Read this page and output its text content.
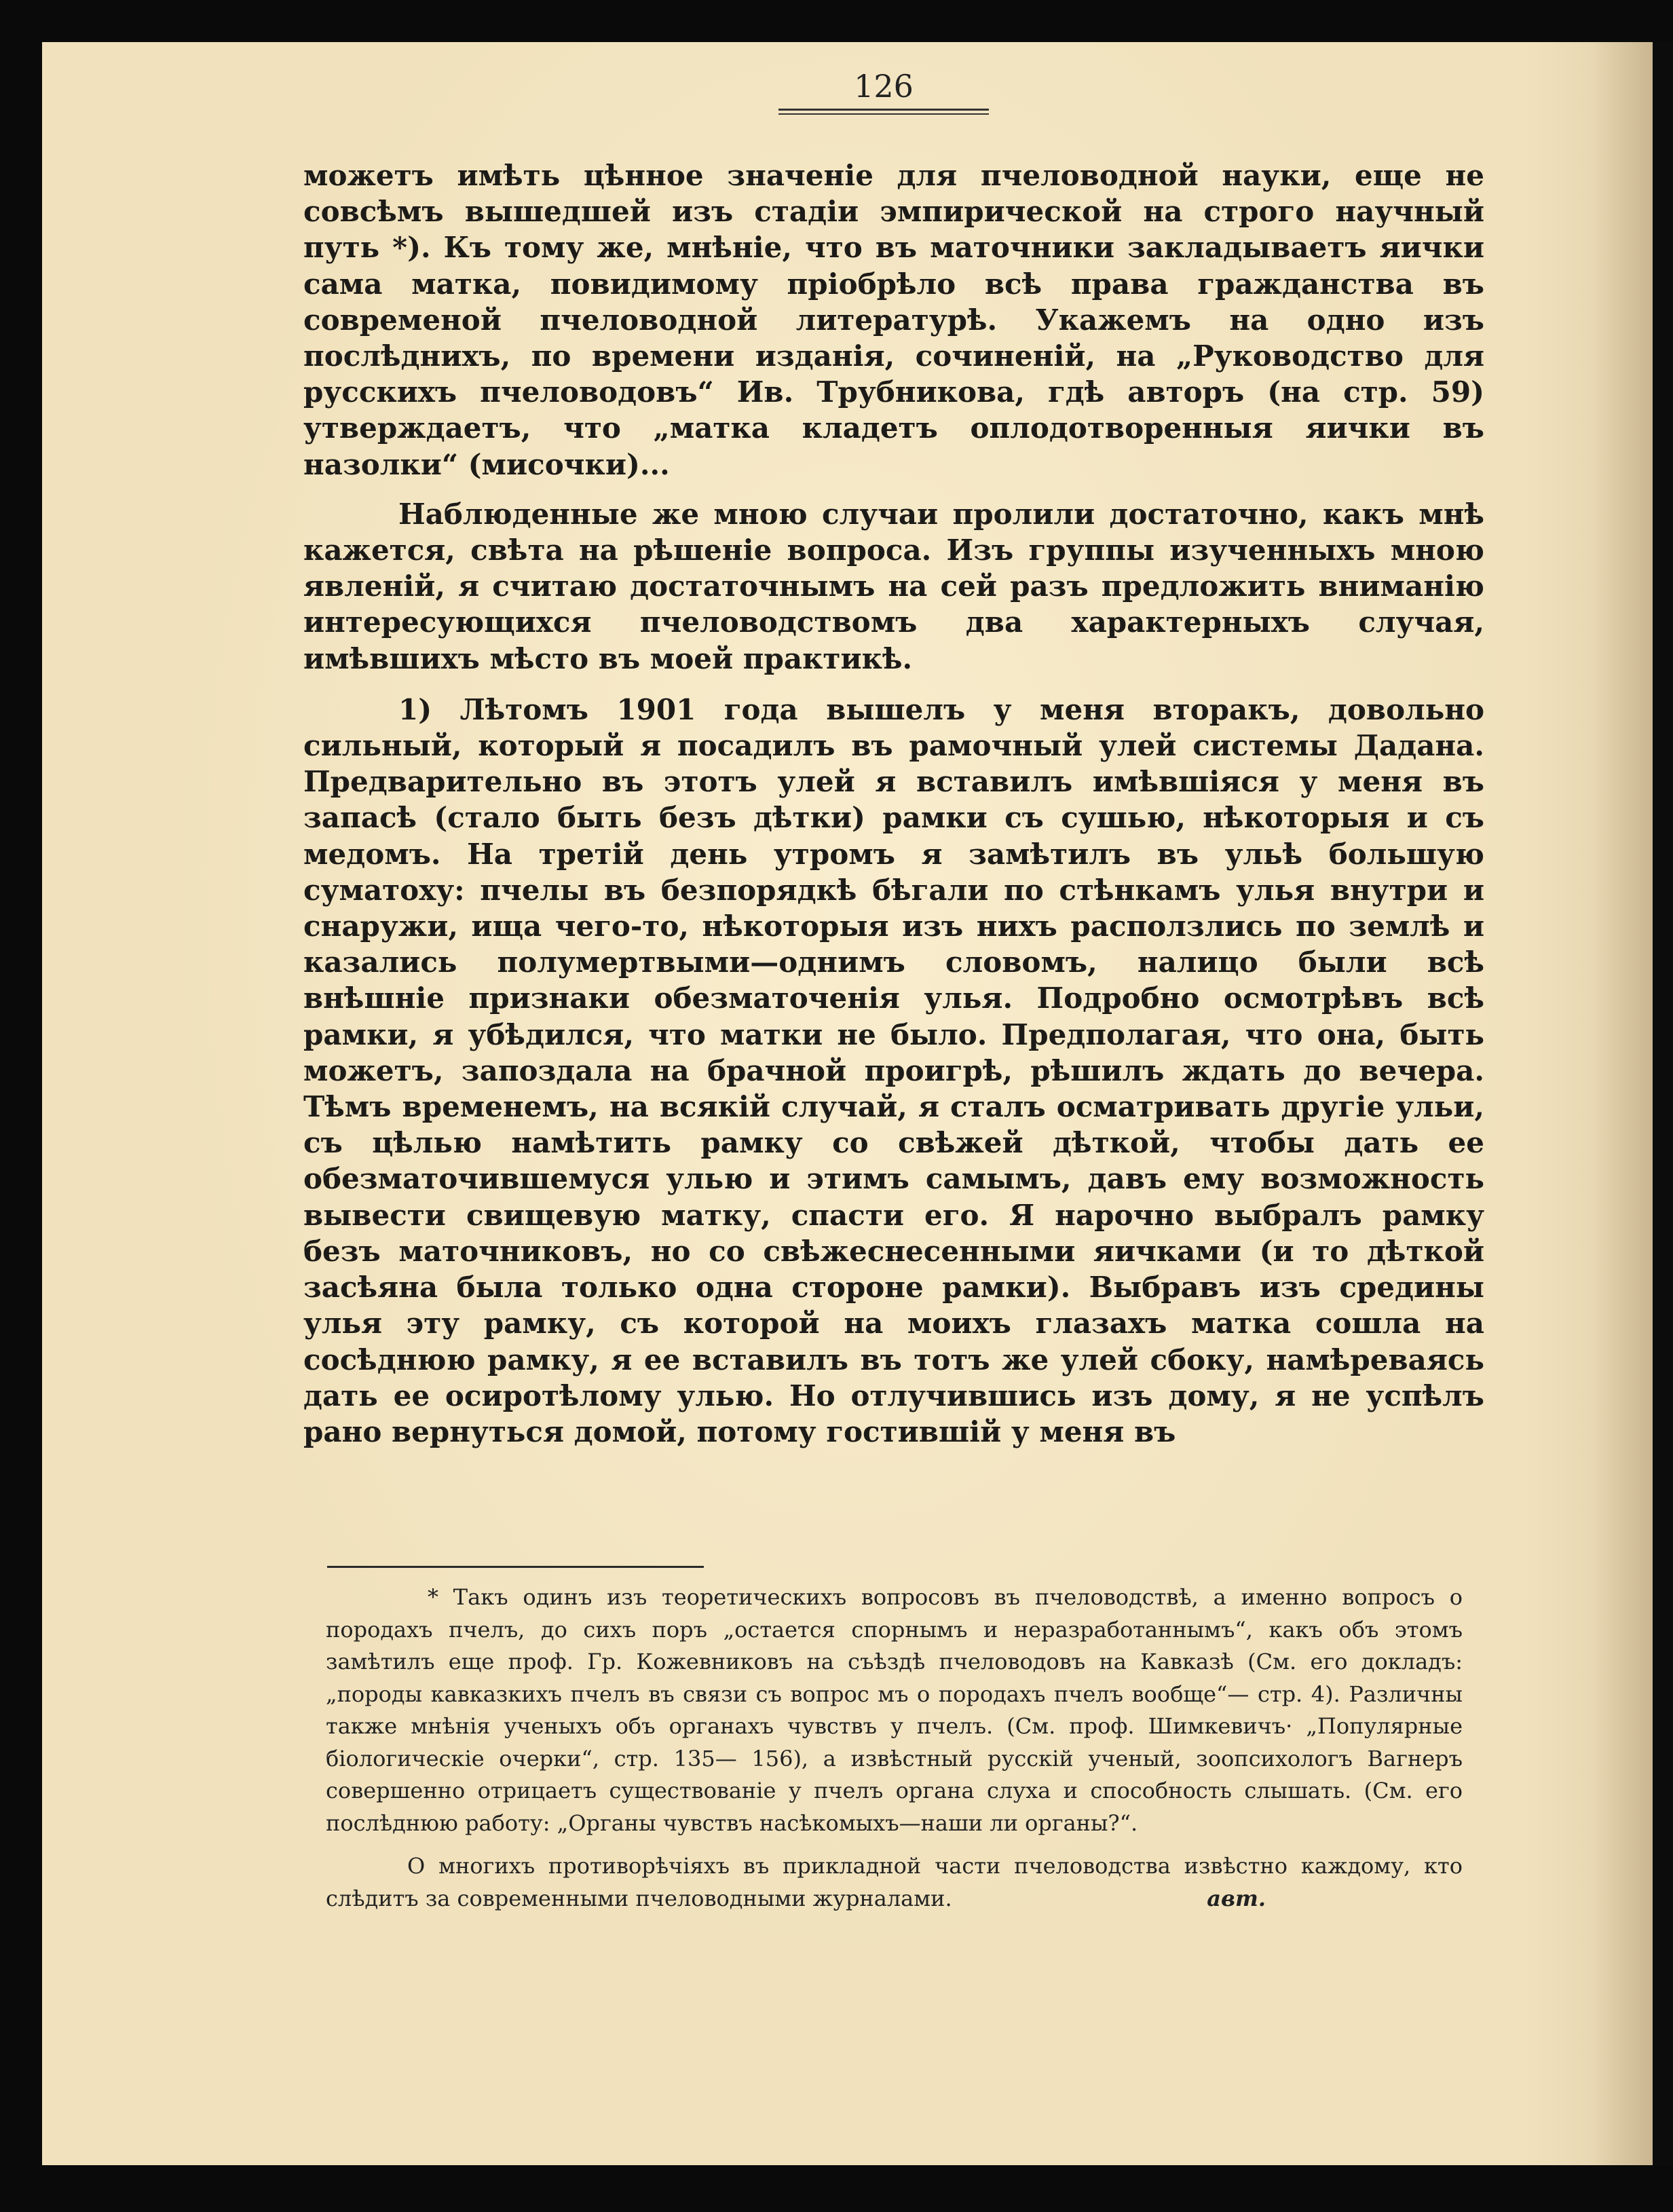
126

можетъ имѣть цѣнное значенiе для пчеловодной науки, еще не совсѣмъ вышедшей изъ стадiи эмпирической на строго научный путь *). Къ тому же, мнѣнiе, что въ маточники закладываетъ яички сама матка, повидимому прiобрѣло всѣ права гражданства въ современой пчеловодной литературѣ. Укажемъ на одно изъ послѣднихъ, по времени изданiя, сочиненiй, на „Руководство для русскихъ пчеловодовъ“ Ив. Трубникова, гдѣ авторъ (на стр. 59) утверждаетъ, что „матка кладетъ оплодотворенныя яички въ назолки“ (мисочки)...

Наблюденные же мною случаи пролили достаточно, какъ мнѣ кажется, свѣта на рѣшенiе вопроса. Изъ группы изученныхъ мною явленiй, я считаю достаточнымъ на сей разъ предложить вниманiю интересующихся пчеловодствомъ два характерныхъ случая, имѣвшихъ мѣсто въ моей практикѣ.

1) Лѣтомъ 1901 года вышелъ у меня вторакъ, довольно сильный, который я посадилъ въ рамочный улей системы Дадана. Предварительно въ этотъ улей я вставилъ имѣвшiяся у меня въ запасѣ (стало быть безъ дѣтки) рамки съ сушью, нѣкоторыя и съ медомъ. На третiй день утромъ я замѣтилъ въ ульѣ большую суматоху: пчелы въ безпорядкѣ бѣгали по стѣнкамъ улья внутри и снаружи, ища чего-то, нѣкоторыя изъ нихъ расползлись по землѣ и казались полумертвыми—однимъ словомъ, налицо были всѣ внѣшнiе признаки обезматоченiя улья. Подробно осмотрѣвъ всѣ рамки, я убѣдился, что матки не было. Предполагая, что она, быть можетъ, запоздала на брачной проигрѣ, рѣшилъ ждать до вечера. Тѣмъ временемъ, на всякiй случай, я сталъ осматривать другiе ульи, съ цѣлью намѣтить рамку со свѣжей дѣткой, чтобы дать ее обезматочившемуся улью и этимъ самымъ, давъ ему возможность вывести свищевую матку, спасти его. Я нарочно выбралъ рамку безъ маточниковъ, но со свѣжеснесенными яичками (и то дѣткой засѣяна была только одна стороне рамки). Выбравъ изъ средины улья эту рамку, съ которой на моихъ глазахъ матка сошла на сосѣднюю рамку, я ее вставилъ въ тотъ же улей сбоку, намѣреваясь дать ее осиротѣлому улью. Но отлучившись изъ дому, я не успѣлъ рано вернуться домой, потому гостившiй у меня въ

* Такъ одинъ изъ теоретическихъ вопросовъ въ пчеловодствѣ, а именно вопросъ о породахъ пчелъ, до сихъ поръ „остается спорнымъ и неразработаннымъ“, какъ объ этомъ замѣтилъ еще проф. Гр. Кожевниковъ на съѣздѣ пчеловодовъ на Кавказѣ (См. его докладъ: „породы кавказкихъ пчелъ въ связи съ вопрос мъ о породахъ пчелъ вообще“— стр. 4). Различны также мнѣнiя ученыхъ объ органахъ чувствъ у пчелъ. (См. проф. Шимкевичъ· „Популярные бiологическiе очерки“, стр. 135— 156), а извѣстный русскiй ученый, зоопсихологъ Вагнеръ совершенно отрицаетъ существованiе у пчелъ органа слуха и способность слышать. (См. его послѣднюю работу: „Органы чувствъ насѣкомыхъ—наши ли органы?“.

О многихъ противорѣчiяхъ въ прикладной части пчеловодства извѣстно каждому, кто слѣдитъ за современными пчеловодными журналами.	авт.
